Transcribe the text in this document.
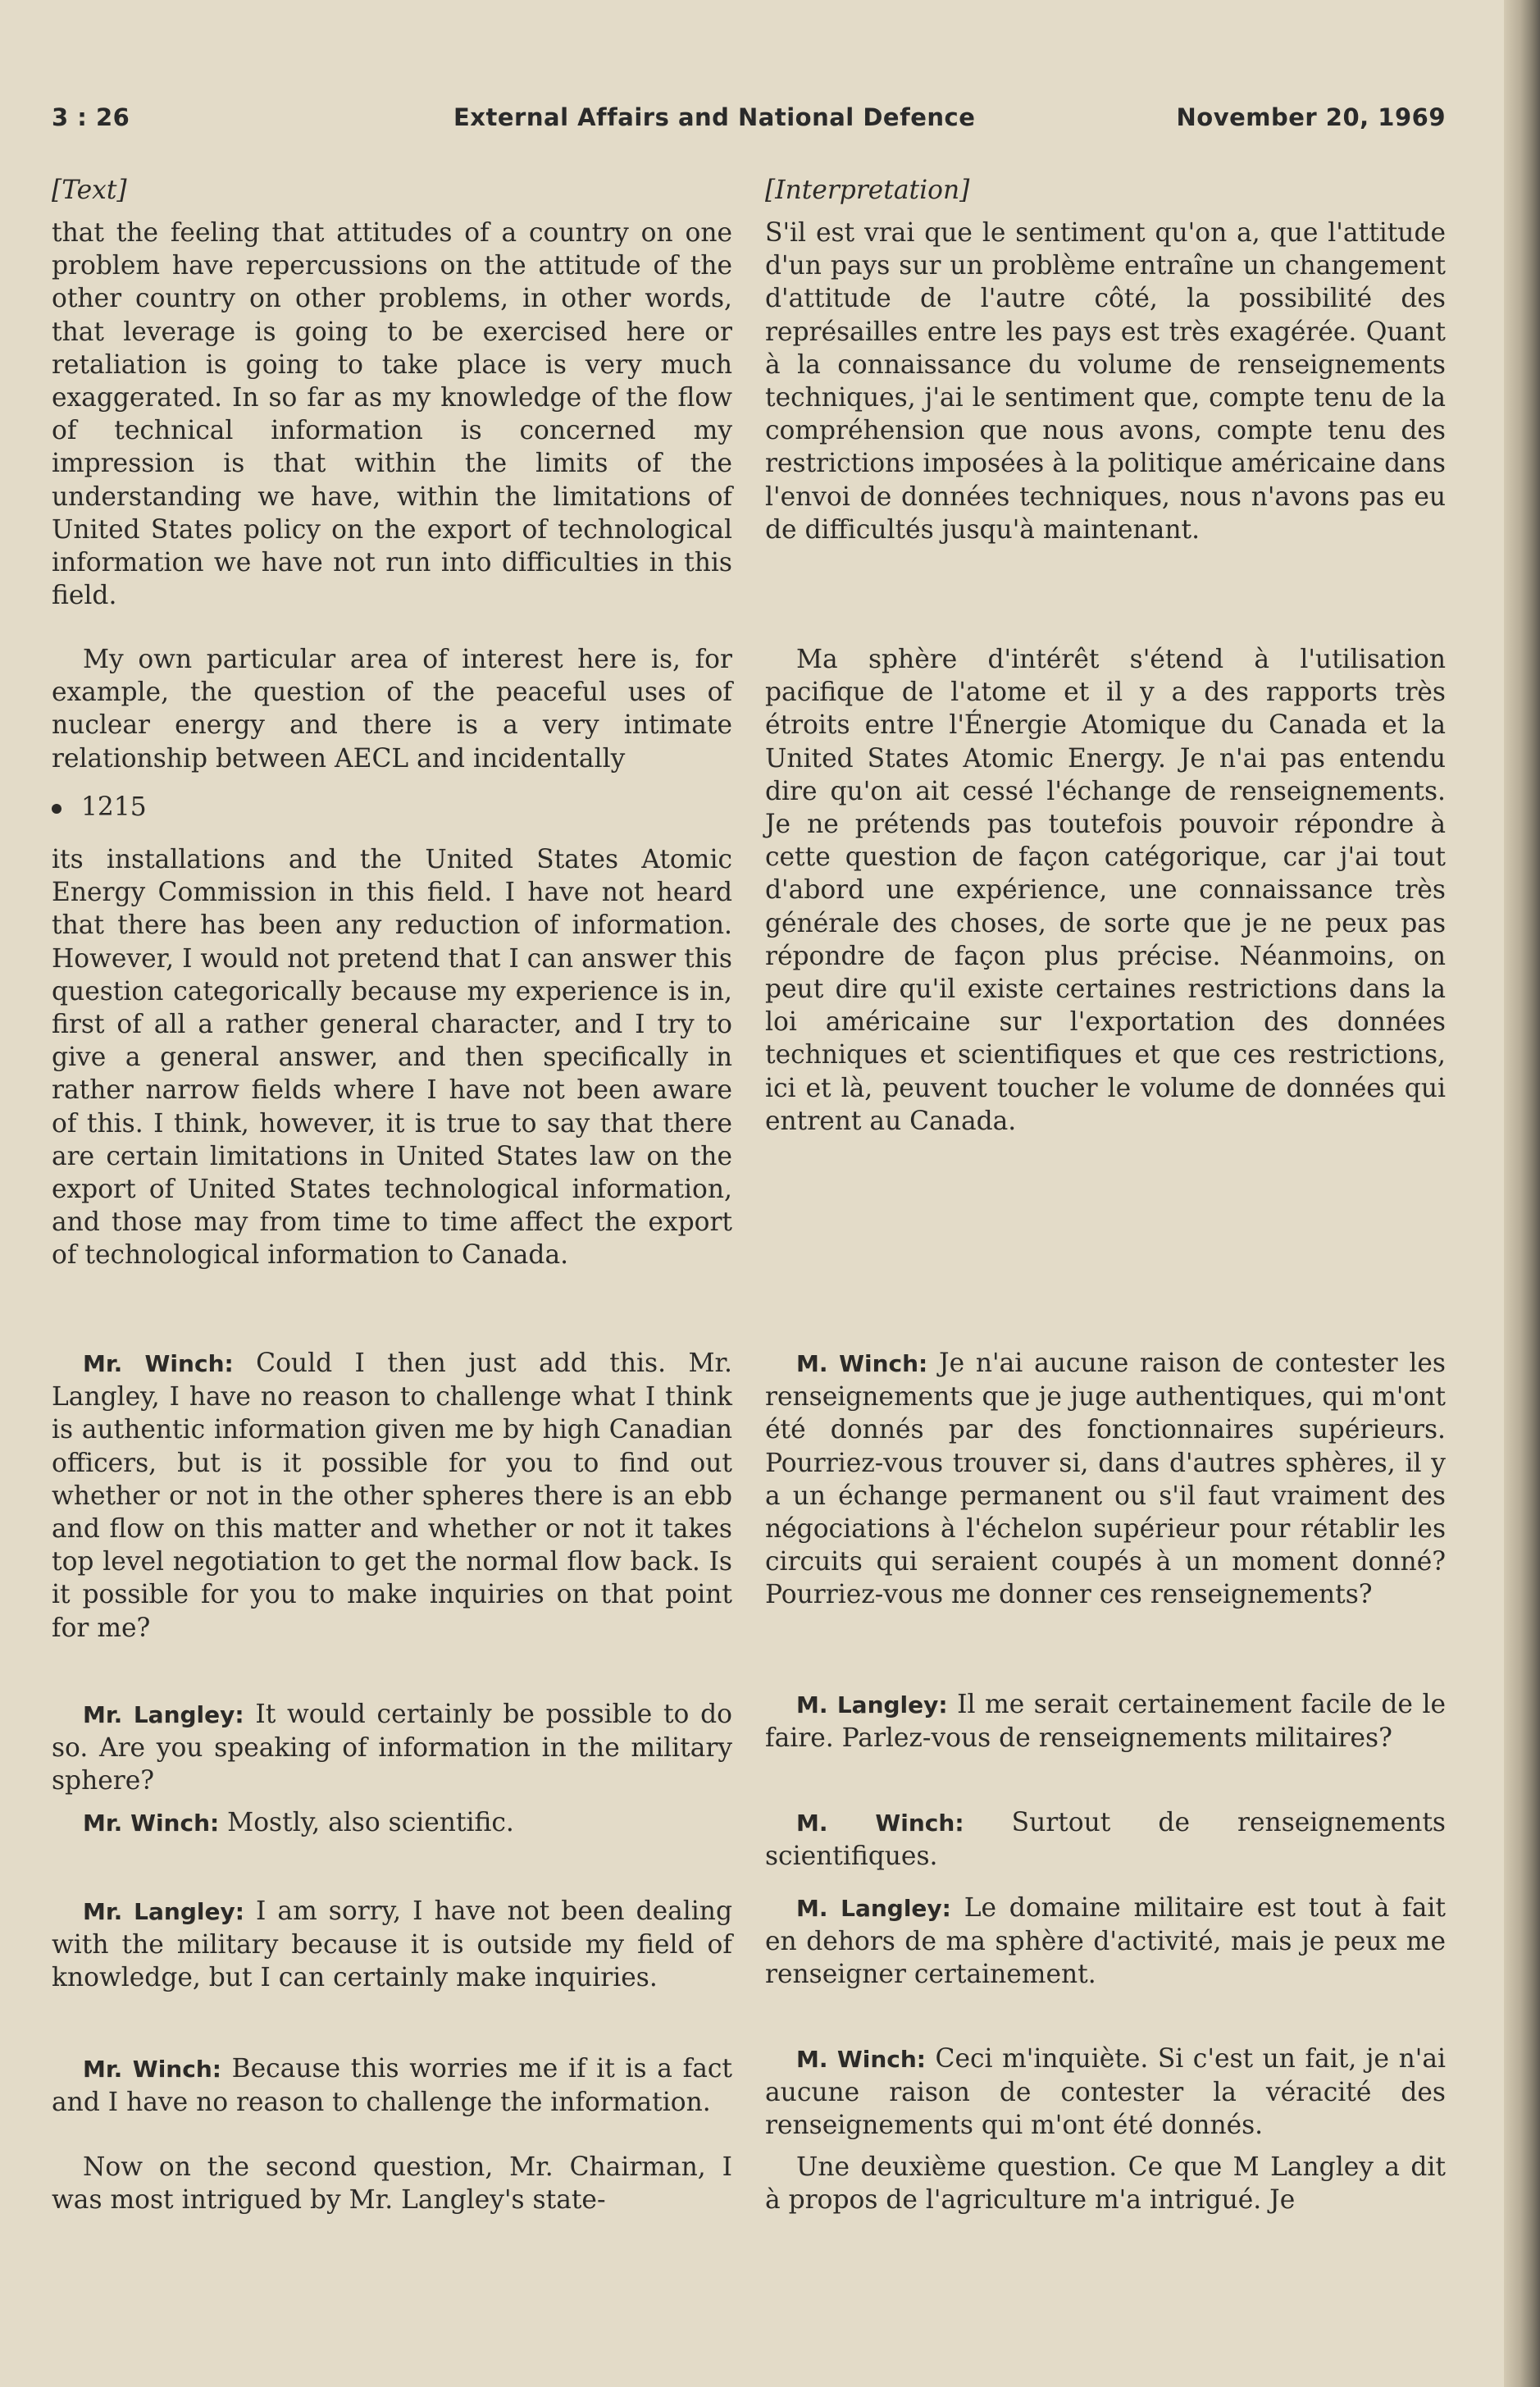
3 : 26	External Affairs and National Defence	November 20, 1969

[Text]

that the feeling that attitudes of a country on one problem have repercussions on the attitude of the other country on other problems, in other words, that leverage is going to be exercised here or retaliation is going to take place is very much exaggerated. In so far as my knowledge of the flow of technical information is concerned my impression is that within the limits of the understanding we have, within the limitations of United States policy on the export of technological information we have not run into difficulties in this field.

My own particular area of interest here is, for example, the question of the peaceful uses of nuclear energy and there is a very intimate relationship between AECL and incidentally

1215

its installations and the United States Atomic Energy Commission in this field. I have not heard that there has been any reduction of information. However, I would not pretend that I can answer this question categorically because my experience is in, first of all a rather general character, and I try to give a general answer, and then specifically in rather narrow fields where I have not been aware of this. I think, however, it is true to say that there are certain limitations in United States law on the export of United States technological information, and those may from time to time affect the export of technological information to Canada.

Mr. Winch: Could I then just add this. Mr. Langley, I have no reason to challenge what I think is authentic information given me by high Canadian officers, but is it possible for you to find out whether or not in the other spheres there is an ebb and flow on this matter and whether or not it takes top level negotiation to get the normal flow back. Is it possible for you to make inquiries on that point for me?

Mr. Langley: It would certainly be possible to do so. Are you speaking of information in the military sphere?

Mr. Winch: Mostly, also scientific.

Mr. Langley: I am sorry, I have not been dealing with the military because it is outside my field of knowledge, but I can certainly make inquiries.

Mr. Winch: Because this worries me if it is a fact and I have no reason to challenge the information.

Now on the second question, Mr. Chairman, I was most intrigued by Mr. Langley's state-

[Interpretation]

S'il est vrai que le sentiment qu'on a, que l'attitude d'un pays sur un problème entraîne un changement d'attitude de l'autre côté, la possibilité des représailles entre les pays est très exagérée. Quant à la connaissance du volume de renseignements techniques, j'ai le sentiment que, compte tenu de la compréhension que nous avons, compte tenu des restrictions imposées à la politique américaine dans l'envoi de données techniques, nous n'avons pas eu de difficultés jusqu'à maintenant.

Ma sphère d'intérêt s'étend à l'utilisation pacifique de l'atome et il y a des rapports très étroits entre l'Énergie Atomique du Canada et la United States Atomic Energy. Je n'ai pas entendu dire qu'on ait cessé l'échange de renseignements. Je ne prétends pas toutefois pouvoir répondre à cette question de façon catégorique, car j'ai tout d'abord une expérience, une connaissance très générale des choses, de sorte que je ne peux pas répondre de façon plus précise. Néanmoins, on peut dire qu'il existe certaines restrictions dans la loi américaine sur l'exportation des données techniques et scientifiques et que ces restrictions, ici et là, peuvent toucher le volume de données qui entrent au Canada.

M. Winch: Je n'ai aucune raison de contester les renseignements que je juge authentiques, qui m'ont été donnés par des fonctionnaires supérieurs. Pourriez-vous trouver si, dans d'autres sphères, il y a un échange permanent ou s'il faut vraiment des négociations à l'échelon supérieur pour rétablir les circuits qui seraient coupés à un moment donné? Pourriez-vous me donner ces renseignements?

M. Langley: Il me serait certainement facile de le faire. Parlez-vous de renseignements militaires?

M. Winch: Surtout de renseignements scientifiques.

M. Langley: Le domaine militaire est tout à fait en dehors de ma sphère d'activité, mais je peux me renseigner certainement.

M. Winch: Ceci m'inquiète. Si c'est un fait, je n'ai aucune raison de contester la véracité des renseignements qui m'ont été donnés.

Une deuxième question. Ce que M Langley a dit à propos de l'agriculture m'a intrigué. Je
